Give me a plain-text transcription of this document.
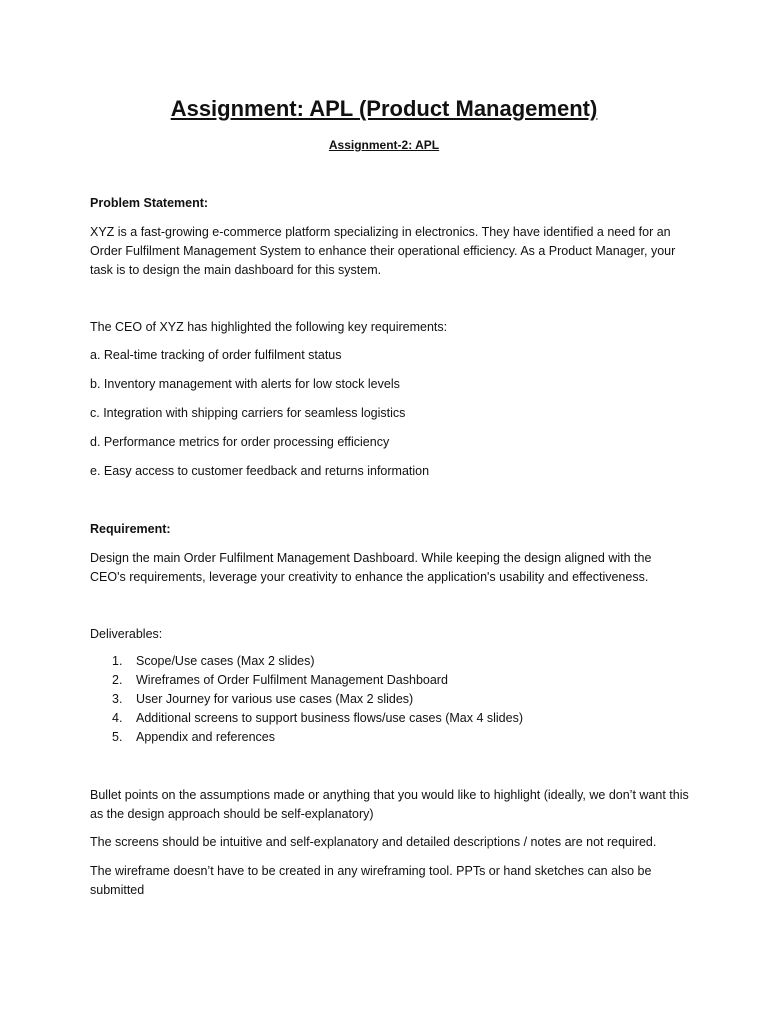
Assignment: APL (Product Management)
Assignment-2: APL
Problem Statement:
XYZ is a fast-growing e-commerce platform specializing in electronics. They have identified a need for an Order Fulfilment Management System to enhance their operational efficiency. As a Product Manager, your task is to design the main dashboard for this system.
The CEO of XYZ has highlighted the following key requirements:
a. Real-time tracking of order fulfilment status
b. Inventory management with alerts for low stock levels
c. Integration with shipping carriers for seamless logistics
d. Performance metrics for order processing efficiency
e. Easy access to customer feedback and returns information
Requirement:
Design the main Order Fulfilment Management Dashboard. While keeping the design aligned with the CEO's requirements, leverage your creativity to enhance the application's usability and effectiveness.
Deliverables:
1. Scope/Use cases (Max 2 slides)
2. Wireframes of Order Fulfilment Management Dashboard
3. User Journey for various use cases (Max 2 slides)
4. Additional screens to support business flows/use cases (Max 4 slides)
5. Appendix and references
Bullet points on the assumptions made or anything that you would like to highlight (ideally, we don’t want this as the design approach should be self-explanatory)
The screens should be intuitive and self-explanatory and detailed descriptions / notes are not required.
The wireframe doesn’t have to be created in any wireframing tool. PPTs or hand sketches can also be submitted
